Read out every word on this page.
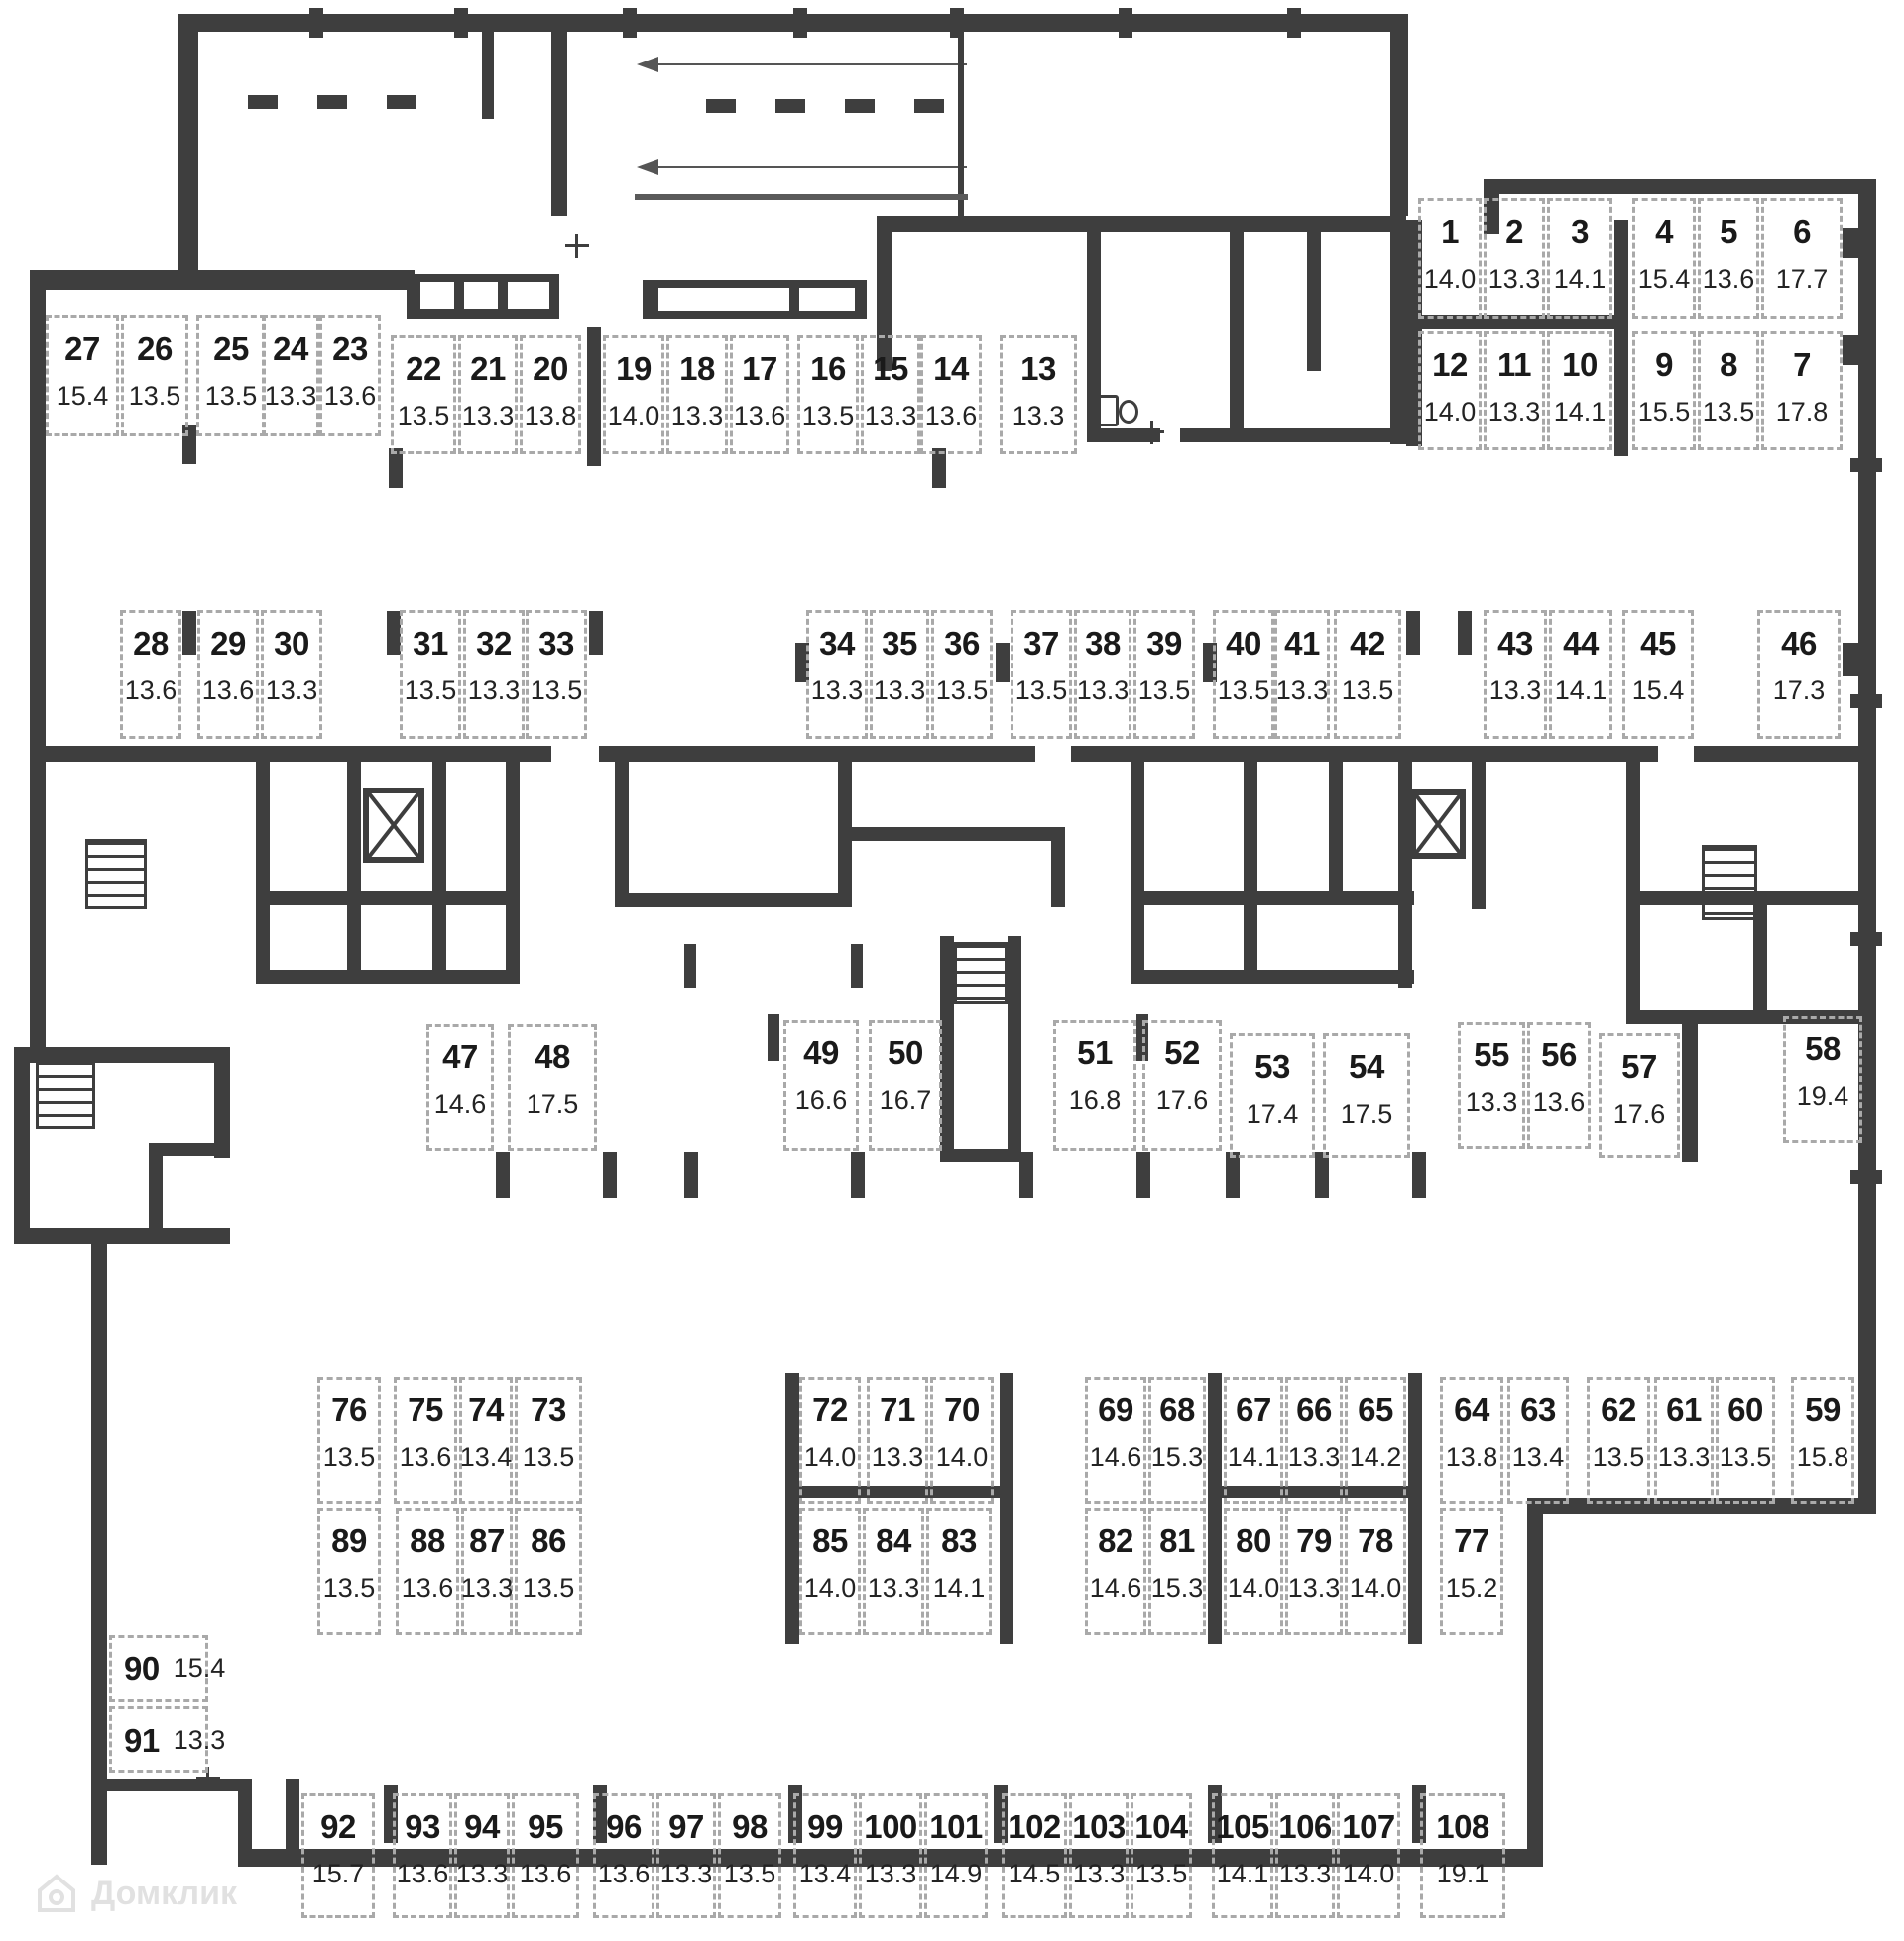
Домклик
1
14.0
2
13.3
3
14.1
4
15.4
5
13.6
6
17.7
7
17.8
8
13.5
9
15.5
10
14.1
11
13.3
12
14.0
13
13.3
14
13.6
15
13.3
16
13.5
17
13.6
18
13.3
19
14.0
20
13.8
21
13.3
22
13.5
23
13.6
24
13.3
25
13.5
26
13.5
27
15.4
28
13.6
29
13.6
30
13.3
31
13.5
32
13.3
33
13.5
34
13.3
35
13.3
36
13.5
37
13.5
38
13.3
39
13.5
40
13.5
41
13.3
42
13.5
43
13.3
44
14.1
45
15.4
46
17.3
47
14.6
48
17.5
49
16.6
50
16.7
51
16.8
52
17.6
53
17.4
54
17.5
55
13.3
56
13.6
57
17.6
58
19.4
59
15.8
60
13.5
61
13.3
62
13.5
63
13.4
64
13.8
65
14.2
66
13.3
67
14.1
68
15.3
69
14.6
70
14.0
71
13.3
72
14.0
73
13.5
74
13.4
75
13.6
76
13.5
77
15.2
78
14.0
79
13.3
80
14.0
81
15.3
82
14.6
83
14.1
84
13.3
85
14.0
86
13.5
87
13.3
88
13.6
89
13.5
90 15.4
91 13.3
92
15.7
93
13.6
94
13.3
95
13.6
96
13.6
97
13.3
98
13.5
99
13.4
100
13.3
101
14.9
102
14.5
103
13.3
104
13.5
105
14.1
106
13.3
107
14.0
108
19.1
